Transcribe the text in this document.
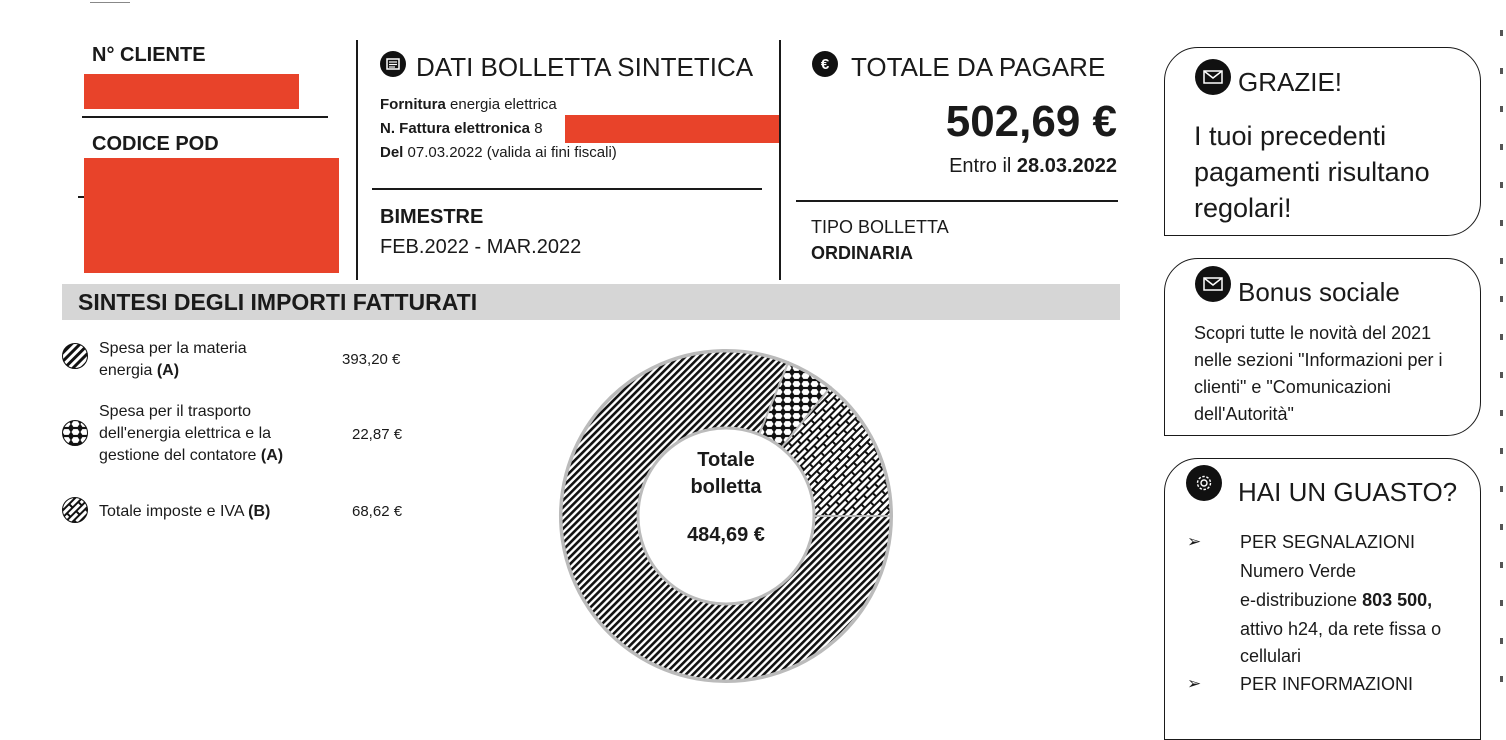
N° CLIENTE
CODICE POD
DATI BOLLETTA SINTETICA
Fornitura energia elettrica
N. Fattura elettronica 8
Del 07.03.2022 (valida ai fini fiscali)
BIMESTRE
FEB.2022 - MAR.2022
€ TOTALE DA PAGARE
502,69 €
Entro il 28.03.2022
TIPO BOLLETTA
ORDINARIA
SINTESI DEGLI IMPORTI FATTURATI
Spesa per la materia
energia (A)
393,20 €
Spesa per il trasporto
dell'energia elettrica e la
gestione del contatore (A)
22,87 €
Totale imposte e IVA (B)	68,62 €
Totale
bolletta
484,69 €
GRAZIE!
I tuoi precedenti
pagamenti risultano
regolari!
Bonus sociale
Scopri tutte le novità del 2021
nelle sezioni "Informazioni per i
clienti" e "Comunicazioni
dell'Autorità"
HAI UN GUASTO?
➢ PER SEGNALAZIONI
Numero Verde
e-distribuzione 803 500,
attivo h24, da rete fissa o
cellulari
➢ PER INFORMAZIONI
